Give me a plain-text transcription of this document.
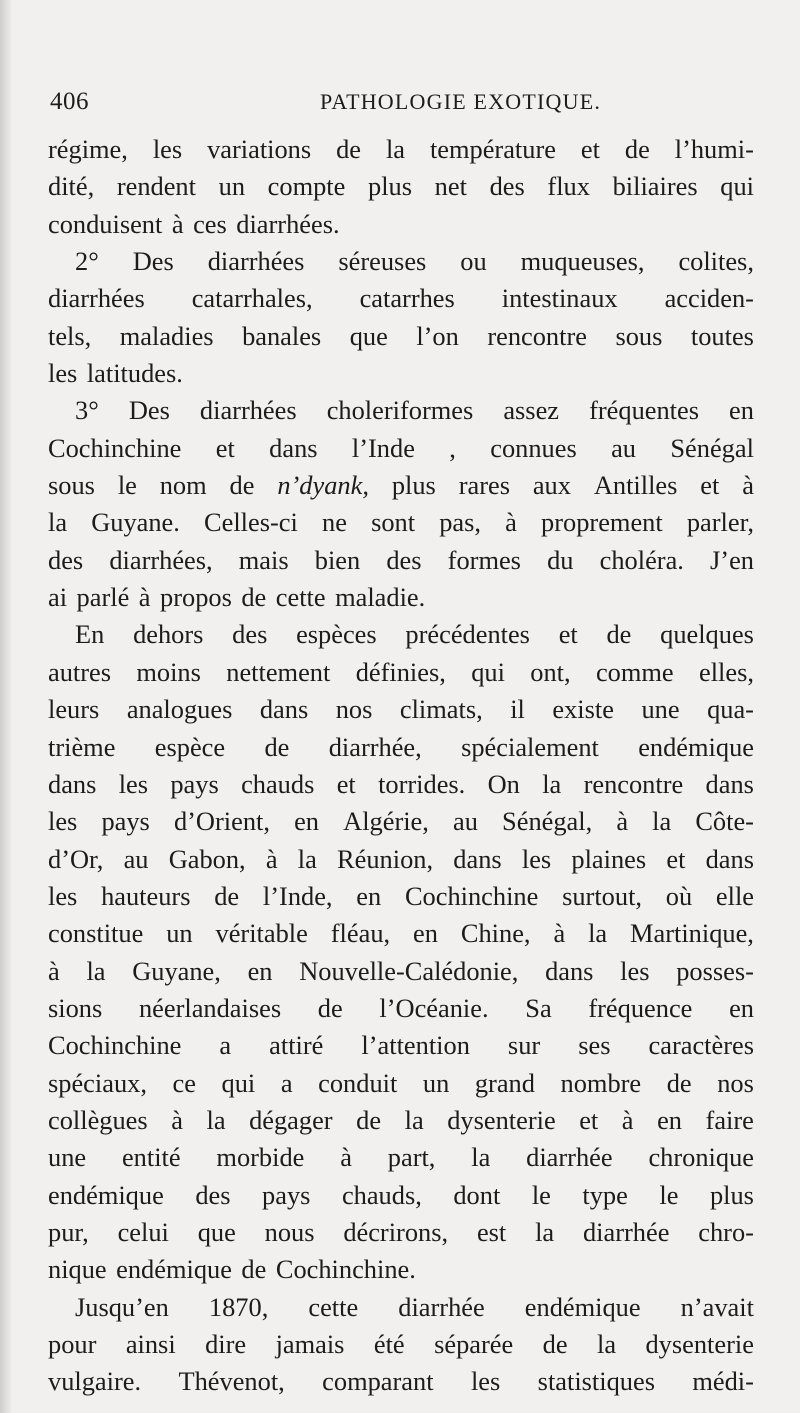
406	PATHOLOGIE EXOTIQUE.
régime, les variations de la température et de l’humi-
dité, rendent un compte plus net des flux biliaires qui
conduisent à ces diarrhées.
2° Des diarrhées séreuses ou muqueuses, colites,
diarrhées catarrhales, catarrhes intestinaux acciden-
tels, maladies banales que l’on rencontre sous toutes
les latitudes.
3° Des diarrhées choleriformes assez fréquentes en
Cochinchine et dans l’Inde , connues au Sénégal
sous le nom de n’dyank, plus rares aux Antilles et à
la Guyane. Celles-ci ne sont pas, à proprement parler,
des diarrhées, mais bien des formes du choléra. J’en
ai parlé à propos de cette maladie.
En dehors des espèces précédentes et de quelques
autres moins nettement définies, qui ont, comme elles,
leurs analogues dans nos climats, il existe une qua-
trième espèce de diarrhée, spécialement endémique
dans les pays chauds et torrides. On la rencontre dans
les pays d’Orient, en Algérie, au Sénégal, à la Côte-
d’Or, au Gabon, à la Réunion, dans les plaines et dans
les hauteurs de l’Inde, en Cochinchine surtout, où elle
constitue un véritable fléau, en Chine, à la Martinique,
à la Guyane, en Nouvelle-Calédonie, dans les posses-
sions néerlandaises de l’Océanie. Sa fréquence en
Cochinchine a attiré l’attention sur ses caractères
spéciaux, ce qui a conduit un grand nombre de nos
collègues à la dégager de la dysenterie et à en faire
une entité morbide à part, la diarrhée chronique
endémique des pays chauds, dont le type le plus
pur, celui que nous décrirons, est la diarrhée chro-
nique endémique de Cochinchine.
Jusqu’en 1870, cette diarrhée endémique n’avait
pour ainsi dire jamais été séparée de la dysenterie
vulgaire. Thévenot, comparant les statistiques médi-
